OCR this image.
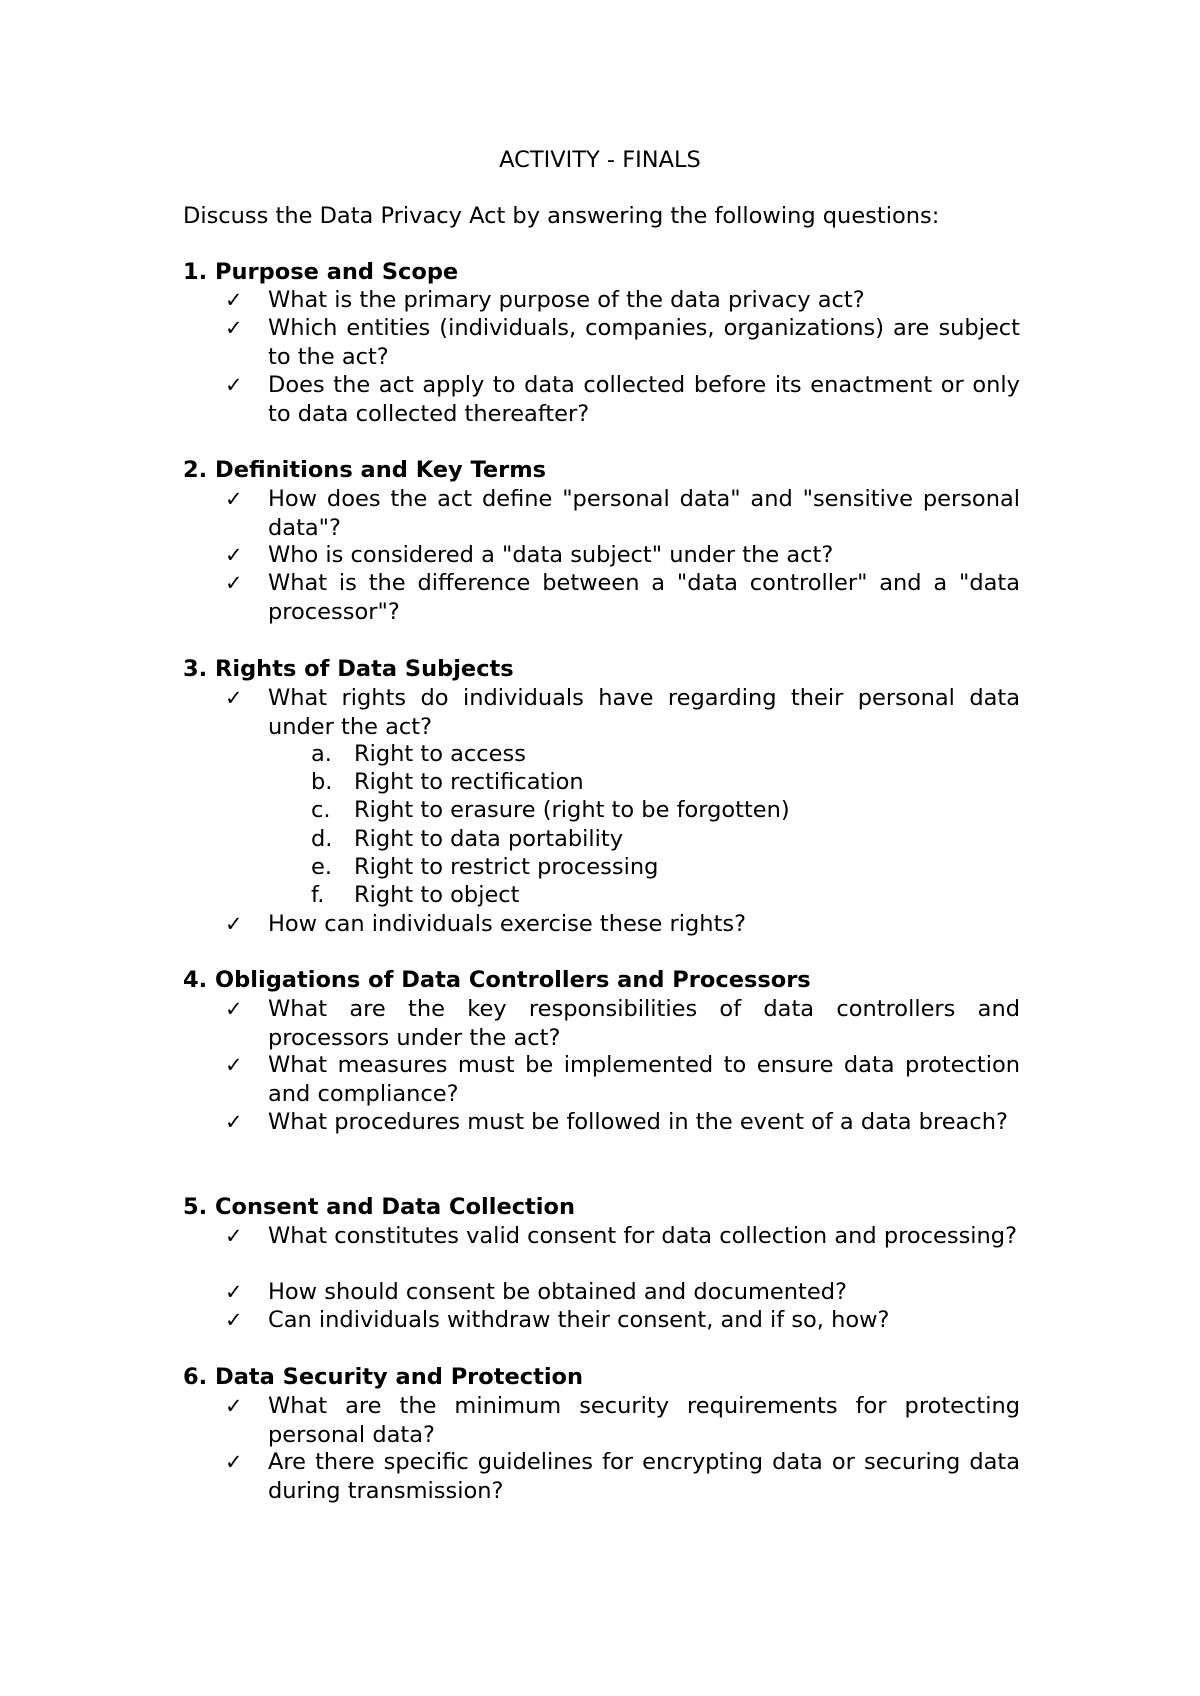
ACTIVITY - FINALS
Discuss the Data Privacy Act by answering the following questions:
1. Purpose and Scope
✓ What is the primary purpose of the data privacy act?
✓ Which entities (individuals, companies, organizations) are subject to the act?
✓ Does the act apply to data collected before its enactment or only to data collected thereafter?
2. Definitions and Key Terms
✓ How does the act define "personal data" and "sensitive personal data"?
✓ Who is considered a "data subject" under the act?
✓ What is the difference between a "data controller" and a "data processor"?
3. Rights of Data Subjects
✓ What rights do individuals have regarding their personal data under the act?
a. Right to access
b. Right to rectification
c. Right to erasure (right to be forgotten)
d. Right to data portability
e. Right to restrict processing
f. Right to object
✓ How can individuals exercise these rights?
4. Obligations of Data Controllers and Processors
✓ What are the key responsibilities of data controllers and processors under the act?
✓ What measures must be implemented to ensure data protection and compliance?
✓ What procedures must be followed in the event of a data breach?
5. Consent and Data Collection
✓ What constitutes valid consent for data collection and processing?
✓ How should consent be obtained and documented?
✓ Can individuals withdraw their consent, and if so, how?
6. Data Security and Protection
✓ What are the minimum security requirements for protecting personal data?
✓ Are there specific guidelines for encrypting data or securing data during transmission?
